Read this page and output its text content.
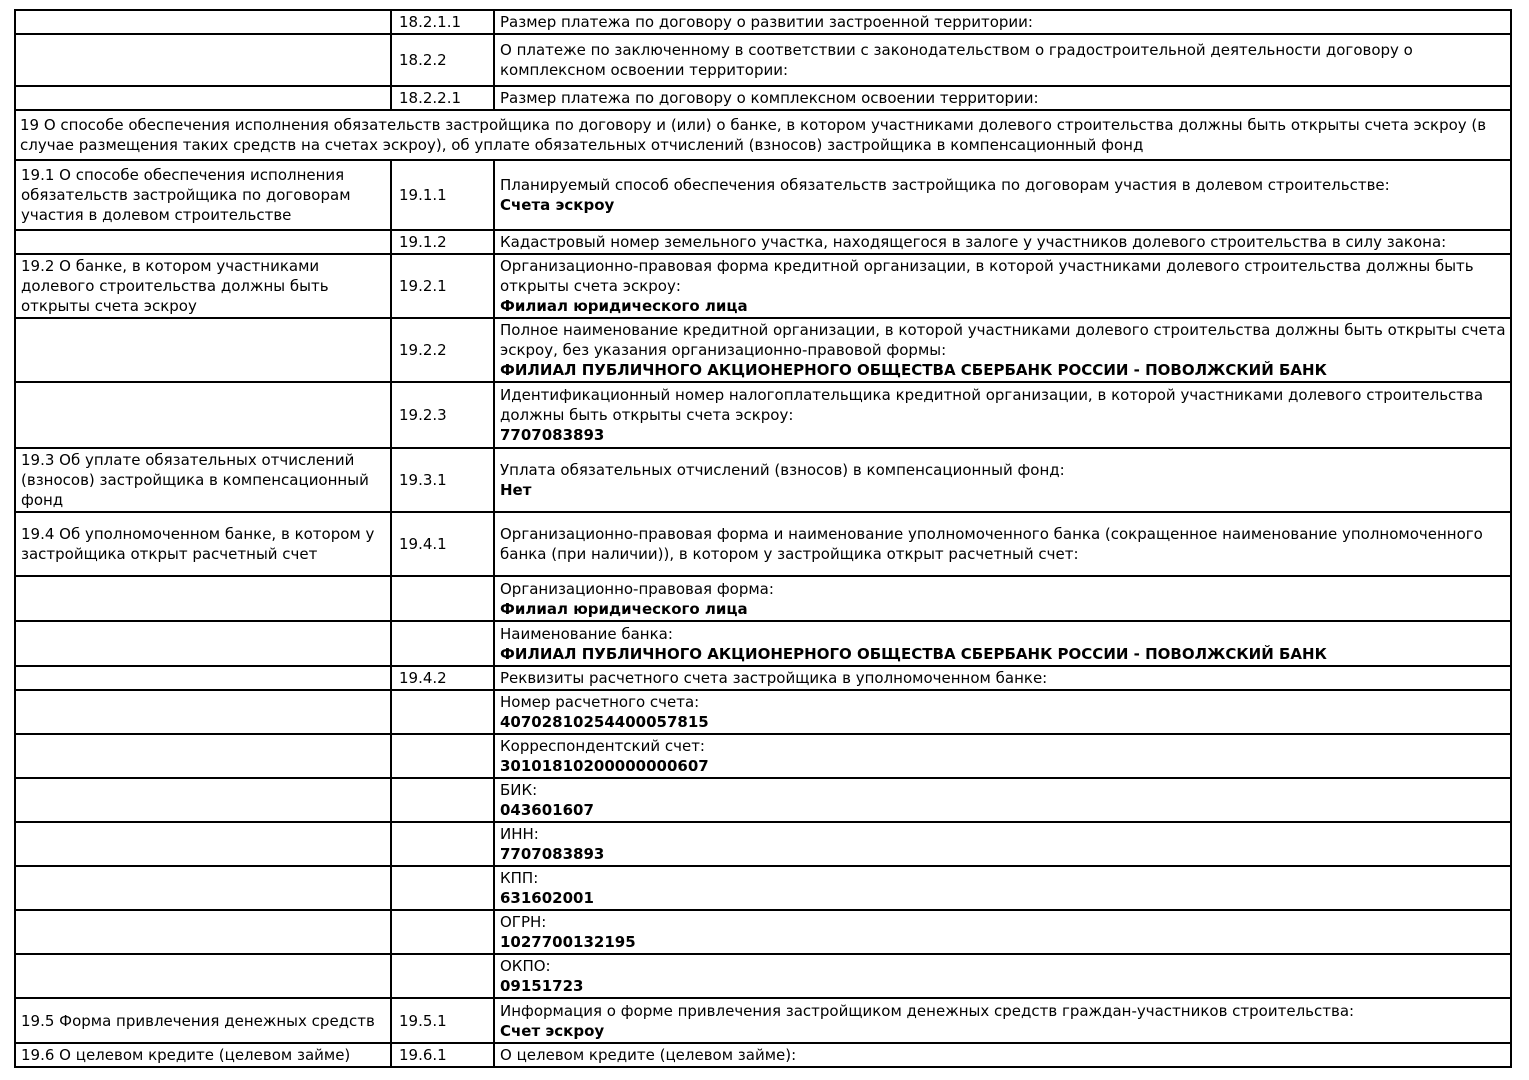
	18.2.1.1	Размер платежа по договору о развитии застроенной территории:

	18.2.2	О платеже по заключенному в соответствии с законодательством о градостроительной деятельности договору о комплексном освоении территории:

	18.2.2.1	Размер платежа по договору о комплексном освоении территории:

19 О способе обеспечения исполнения обязательств застройщика по договору и (или) о банке, в котором участниками долевого строительства должны быть открыты счета эскроу (в случае размещения таких средств на счетах эскроу), об уплате обязательных отчислений (взносов) застройщика в компенсационный фонд		
19.1 О способе обеспечения исполнения обязательств застройщика по договорам участия в долевом строительстве	19.1.1	Планируемый способ обеспечения обязательств застройщика по договорам участия в долевом строительстве:
Счета эскроу

	19.1.2	Кадастровый номер земельного участка, находящегося в залоге у участников долевого строительства в силу закона:

19.2 О банке, в котором участниками долевого строительства должны быть открыты счета эскроу	19.2.1	Организационно-правовая форма кредитной организации, в которой участниками долевого строительства должны быть открыты счета эскроу:
Филиал юридического лица

	19.2.2	Полное наименование кредитной организации, в которой участниками долевого строительства должны быть открыты счета эскроу, без указания организационно-правовой формы:
ФИЛИАЛ ПУБЛИЧНОГО АКЦИОНЕРНОГО ОБЩЕСТВА СБЕРБАНК РОССИИ - ПОВОЛЖСКИЙ БАНК

	19.2.3	Идентификационный номер налогоплательщика кредитной организации, в которой участниками долевого строительства должны быть открыты счета эскроу:
7707083893

19.3 Об уплате обязательных отчислений (взносов) застройщика в компенсационный фонд	19.3.1	Уплата обязательных отчислений (взносов) в компенсационный фонд:
Нет

19.4 Об уполномоченном банке, в котором у застройщика открыт расчетный счет	19.4.1	Организационно-правовая форма и наименование уполномоченного банка (сокращенное наименование уполномоченного банка (при наличии)), в котором у застройщика открыт расчетный счет:

		Организационно-правовая форма:
Филиал юридического лица

		Наименование банка:
ФИЛИАЛ ПУБЛИЧНОГО АКЦИОНЕРНОГО ОБЩЕСТВА СБЕРБАНК РОССИИ - ПОВОЛЖСКИЙ БАНК

	19.4.2	Реквизиты расчетного счета застройщика в уполномоченном банке:

		Номер расчетного счета:
40702810254400057815

		Корреспондентский счет:
30101810200000000607

		БИК:
043601607

		ИНН:
7707083893

		КПП:
631602001

		ОГРН:
1027700132195

		ОКПО:
09151723

19.5 Форма привлечения денежных средств	19.5.1	Информация о форме привлечения застройщиком денежных средств граждан-участников строительства:
Счет эскроу

19.6 О целевом кредите (целевом займе)	19.6.1	О целевом кредите (целевом займе):
